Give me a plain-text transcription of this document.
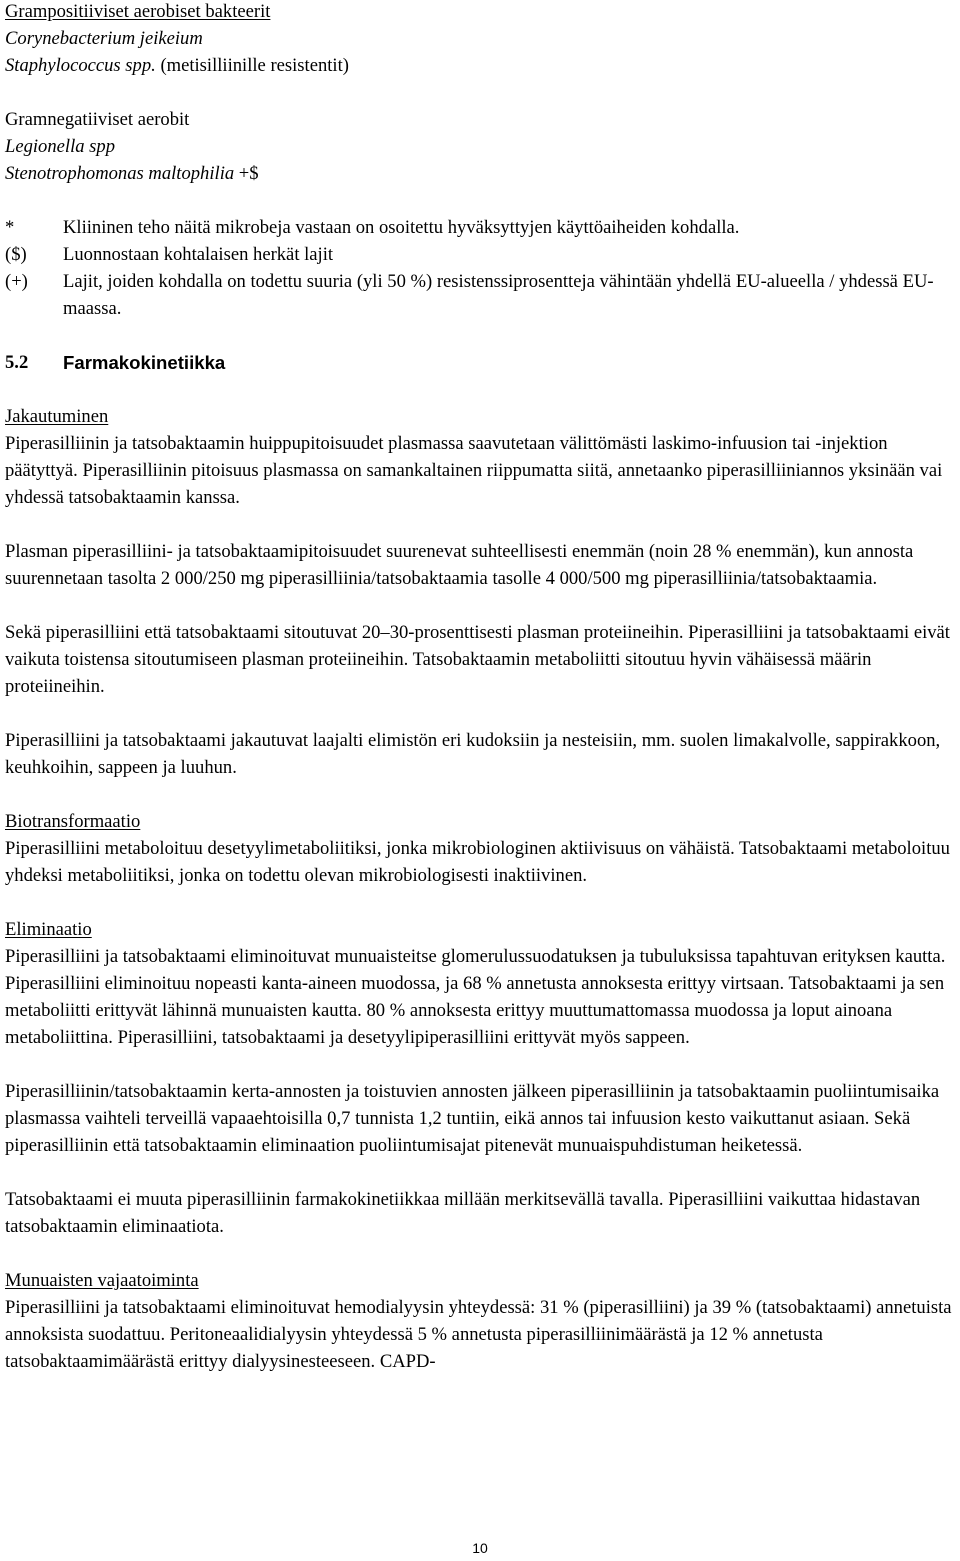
Grampositiiviset aerobiset bakteerit

Corynebacterium jeikeium

Staphylococcus spp. (metisilliinille resistentit)

Gramnegatiiviset aerobit

Legionella spp

Stenotrophomonas maltophilia +$

*	Kliininen teho näitä mikrobeja vastaan on osoitettu hyväksyttyjen käyttöaiheiden kohdalla.
($)	Luonnostaan kohtalaisen herkät lajit
(+)	Lajit, joiden kohdalla on todettu suuria (yli 50 %) resistenssiprosentteja vähintään yhdellä EU-alueella / yhdessä EU-maassa.
5.2	Farmakokinetiikka

Jakautuminen

Piperasilliinin ja tatsobaktaamin huippupitoisuudet plasmassa saavutetaan välittömästi laskimo-infuusion tai -injektion päätyttyä. Piperasilliinin pitoisuus plasmassa on samankaltainen riippumatta siitä, annetaanko piperasilliiniannos yksinään vai yhdessä tatsobaktaamin kanssa.

Plasman piperasilliini- ja tatsobaktaamipitoisuudet suurenevat suhteellisesti enemmän (noin 28 % enemmän), kun annosta suurennetaan tasolta 2 000/250 mg piperasilliinia/tatsobaktaamia tasolle 4 000/500 mg piperasilliinia/tatsobaktaamia.

Sekä piperasilliini että tatsobaktaami sitoutuvat 20–30-prosenttisesti plasman proteiineihin. Piperasilliini ja tatsobaktaami eivät vaikuta toistensa sitoutumiseen plasman proteiineihin. Tatsobaktaamin metaboliitti sitoutuu hyvin vähäisessä määrin proteiineihin.

Piperasilliini ja tatsobaktaami jakautuvat laajalti elimistön eri kudoksiin ja nesteisiin, mm. suolen limakalvolle, sappirakkoon, keuhkoihin, sappeen ja luuhun.

Biotransformaatio

Piperasilliini metaboloituu desetyylimetaboliitiksi, jonka mikrobiologinen aktiivisuus on vähäistä. Tatsobaktaami metaboloituu yhdeksi metaboliitiksi, jonka on todettu olevan mikrobiologisesti inaktiivinen.

Eliminaatio

Piperasilliini ja tatsobaktaami eliminoituvat munuaisteitse glomerulussuodatuksen ja tubuluksissa tapahtuvan erityksen kautta.

Piperasilliini eliminoituu nopeasti kanta-aineen muodossa, ja 68 % annetusta annoksesta erittyy virtsaan. Tatsobaktaami ja sen metaboliitti erittyvät lähinnä munuaisten kautta. 80 % annoksesta erittyy muuttumattomassa muodossa ja loput ainoana metaboliittina. Piperasilliini, tatsobaktaami ja desetyylipiperasilliini erittyvät myös sappeen.

Piperasilliinin/tatsobaktaamin kerta-annosten ja toistuvien annosten jälkeen piperasilliinin ja tatsobaktaamin puoliintumisaika plasmassa vaihteli terveillä vapaaehtoisilla 0,7 tunnista 1,2 tuntiin, eikä annos tai infuusion kesto vaikuttanut asiaan. Sekä piperasilliinin että tatsobaktaamin eliminaation puoliintumisajat pitenevät munuaispuhdistuman heiketessä.

Tatsobaktaami ei muuta piperasilliinin farmakokinetiikkaa millään merkitsevällä tavalla. Piperasilliini vaikuttaa hidastavan tatsobaktaamin eliminaatiota.

Munuaisten vajaatoiminta

Piperasilliini ja tatsobaktaami eliminoituvat hemodialyysin yhteydessä: 31 % (piperasilliini) ja 39 % (tatsobaktaami) annetuista annoksista suodattuu. Peritoneaalidialyysin yhteydessä 5 % annetusta piperasilliinimäärästä ja 12 % annetusta tatsobaktaamimäärästä erittyy dialyysinesteeseen. CAPD-

10
